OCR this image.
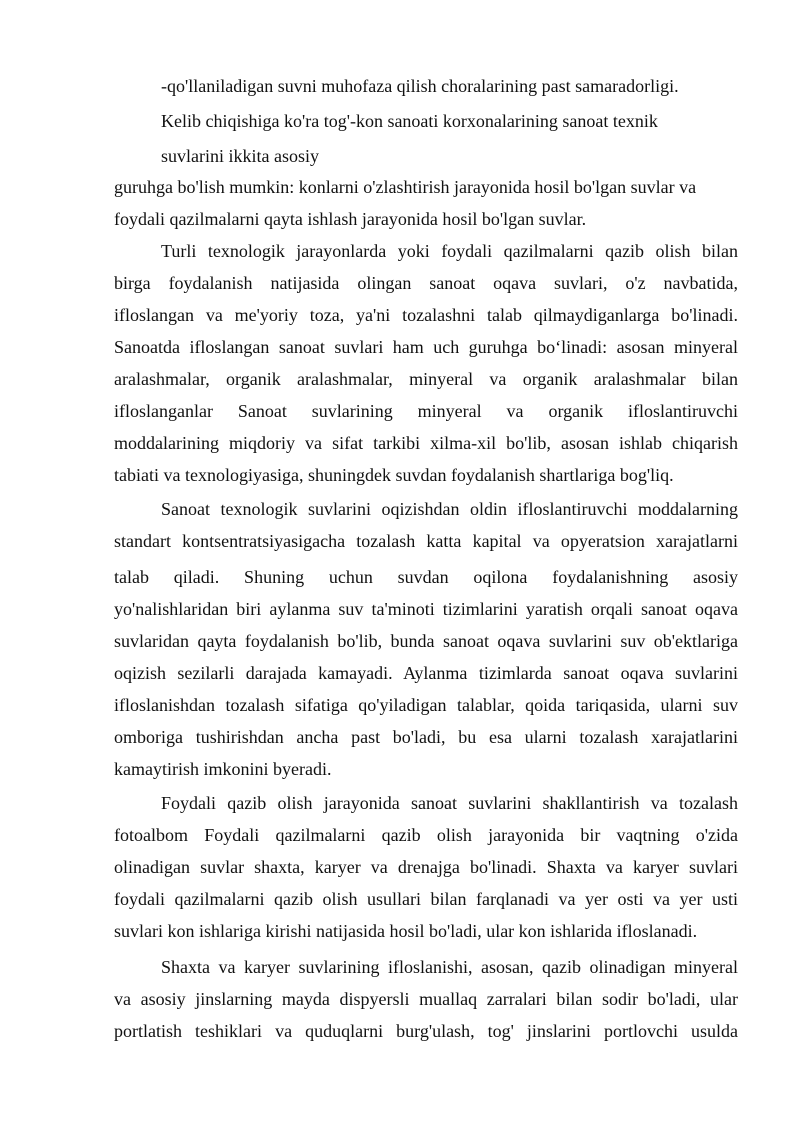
-qo'llaniladigan suvni muhofaza qilish choralarining past samaradorligi.
Kelib chiqishiga ko'ra tog'-kon sanoati korxonalarining sanoat texnik
suvlarini ikkita asosiy
guruhga bo'lish mumkin: konlarni o'zlashtirish jarayonida hosil bo'lgan suvlar va
foydali qazilmalarni qayta ishlash jarayonida hosil bo'lgan suvlar.
Turli texnologik jarayonlarda yoki foydali qazilmalarni qazib olish bilan
birga foydalanish natijasida olingan sanoat oqava suvlari, o'z navbatida,
ifloslangan va me'yoriy toza, ya'ni tozalashni talab qilmaydiganlarga bo'linadi.
Sanoatda ifloslangan sanoat suvlari ham uch guruhga bo‘linadi: asosan minyeral
aralashmalar, organik aralashmalar, minyeral va organik aralashmalar bilan
ifloslanganlar Sanoat suvlarining minyeral va organik ifloslantiruvchi
moddalarining miqdoriy va sifat tarkibi xilma-xil bo'lib, asosan ishlab chiqarish
tabiati va texnologiyasiga, shuningdek suvdan foydalanish shartlariga bog'liq.
Sanoat texnologik suvlarini oqizishdan oldin ifloslantiruvchi moddalarning
standart kontsentratsiyasigacha tozalash katta kapital va opyeratsion xarajatlarni
talab qiladi. Shuning uchun suvdan oqilona foydalanishning asosiy
yo'nalishlaridan biri aylanma suv ta'minoti tizimlarini yaratish orqali sanoat oqava
suvlaridan qayta foydalanish bo'lib, bunda sanoat oqava suvlarini suv ob'ektlariga
oqizish sezilarli darajada kamayadi. Aylanma tizimlarda sanoat oqava suvlarini
ifloslanishdan tozalash sifatiga qo'yiladigan talablar, qoida tariqasida, ularni suv
omboriga tushirishdan ancha past bo'ladi, bu esa ularni tozalash xarajatlarini
kamaytirish imkonini byeradi.
Foydali qazib olish jarayonida sanoat suvlarini shakllantirish va tozalash
fotoalbom Foydali qazilmalarni qazib olish jarayonida bir vaqtning o'zida
olinadigan suvlar shaxta, karyer va drenajga bo'linadi. Shaxta va karyer suvlari
foydali qazilmalarni qazib olish usullari bilan farqlanadi va yer osti va yer usti
suvlari kon ishlariga kirishi natijasida hosil bo'ladi, ular kon ishlarida ifloslanadi.
Shaxta va karyer suvlarining ifloslanishi, asosan, qazib olinadigan minyeral
va asosiy jinslarning mayda dispyersli muallaq zarralari bilan sodir bo'ladi, ular
portlatish teshiklari va quduqlarni burg'ulash, tog' jinslarini portlovchi usulda
